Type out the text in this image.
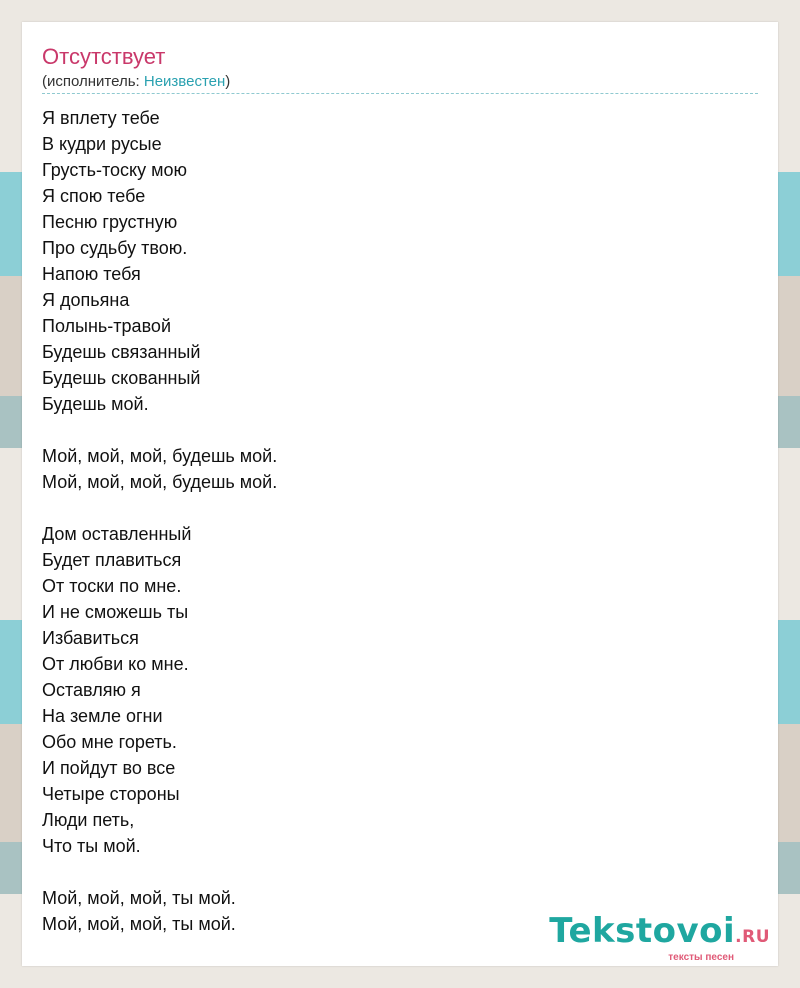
Отсутствует
(исполнитель: Неизвестен)
Я вплету тебе
В кудри русые
Грусть-тоску мою
Я спою тебе
Песню грустную
Про судьбу твою.
Напою тебя
Я допьяна
Полынь-травой
Будешь связанный
Будешь скованный
Будешь мой.
Мой, мой, мой, будешь мой.
Мой, мой, мой, будешь мой.
Дом оставленный
Будет плавиться
От тоски по мне.
И не сможешь ты
Избавиться
От любви ко мне.
Оставляю я
На земле огни
Обо мне гореть.
И пойдут во все
Четыре стороны
Люди петь,
Что ты мой.
Мой, мой, мой, ты мой.
Мой, мой, мой, ты мой.	Tekstovoi.RU
тексты песен
